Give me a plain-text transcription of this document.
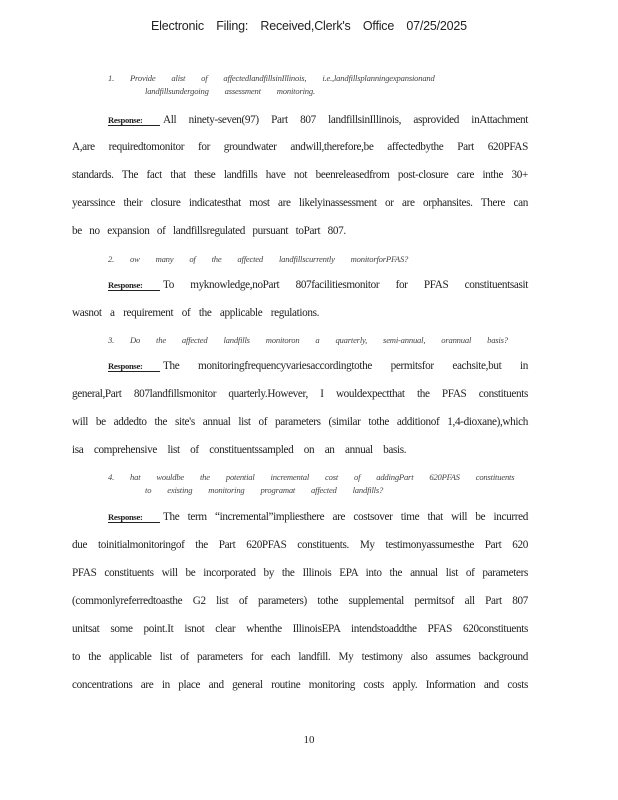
Electronic Filing: Received,Clerk's Office 07/25/2025
1. Provide alist of affectedlandfillsinIllinois, i.e.,landfillsplanningexpansionand
landfillsundergoing assessment monitoring.
Response: All ninety-seven(97) Part 807 landfillsinIllinois, asprovided inAttachment
A,are requiredtomonitor for groundwater andwill,therefore,be affectedbythe Part 620PFAS
standards. The fact that these landfills have not beenreleasedfrom post-closure care inthe 30+
yearssince their closure indicatesthat most are likelyinassessment or are orphansites. There can
be no expansion of landfillsregulated pursuant toPart 807.
2. ow many of the affected landfillscurrently monitorforPFAS?
Response: To myknowledge,noPart 807facilitiesmonitor for PFAS constituentsasit
wasnot a requirement of the applicable regulations.
3. Do the affected landfills monitoron a quarterly, semi-annual, orannual basis?
Response: The monitoringfrequencyvariesaccordingtothe permitsfor eachsite,but in
general,Part 807landfillsmonitor quarterly.However, I wouldexpectthat the PFAS constituents
will be addedto the site's annual list of parameters (similar tothe additionof 1,4-dioxane),which
isa comprehensive list of constituentssampled on an annual basis.
4. hat wouldbe the potential incremental cost of addingPart 620PFAS constituents
to existing monitoring programat affected landfills?
Response: The term “incremental”impliesthere are costsover time that will be incurred
due toinitialmonitoringof the Part 620PFAS constituents. My testimonyassumesthe Part 620
PFAS constituents will be incorporated by the Illinois EPA into the annual list of parameters
(commonlyreferredtoasthe G2 list of parameters) tothe supplemental permitsof all Part 807
unitsat some point.It isnot clear whenthe IllinoisEPA intendstoaddthe PFAS 620constituents
to the applicable list of parameters for each landfill. My testimony also assumes background
concentrations are in place and general routine monitoring costs apply. Information and costs
10
